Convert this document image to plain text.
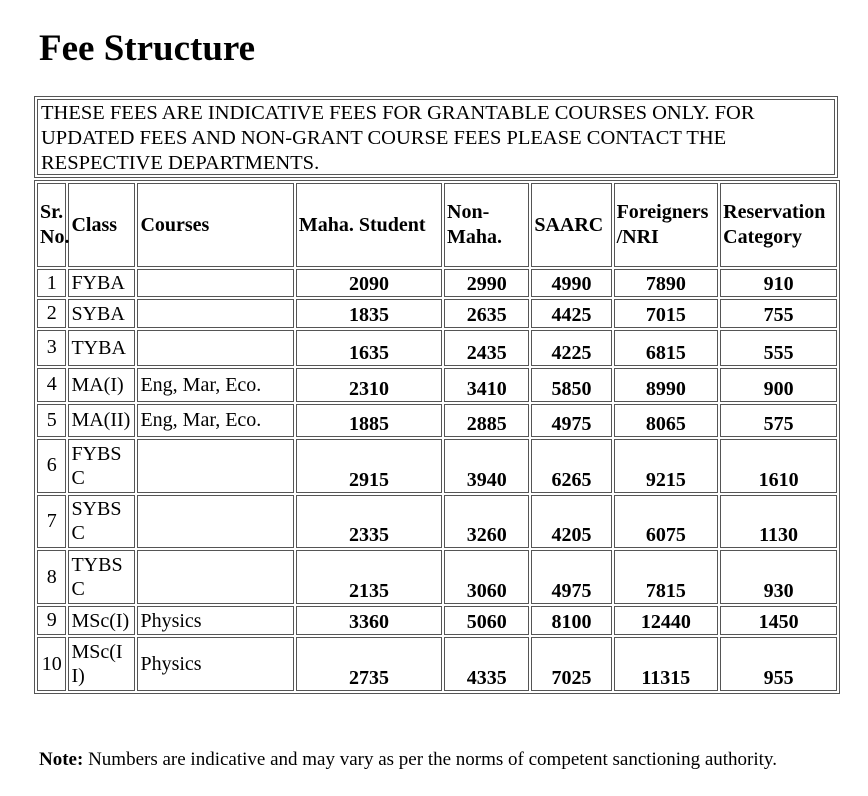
Fee Structure
THESE FEES ARE INDICATIVE FEES FOR GRANTABLE COURSES ONLY. FOR UPDATED FEES AND NON-GRANT COURSE FEES PLEASE CONTACT THE RESPECTIVE DEPARTMENTS.
Sr. No.	Class	Courses	Maha. Student	Non-Maha.	SAARC	Foreigners /NRI	Reservation Category
1	FYBA		2090	2990	4990	7890	910
2	SYBA		1835	2635	4425	7015	755
3	TYBA		1635	2435	4225	6815	555
4	MA(I)	Eng, Mar, Eco.	2310	3410	5850	8990	900
5	MA(II)	Eng, Mar, Eco.	1885	2885	4975	8065	575
6	FYBSC		2915	3940	6265	9215	1610
7	SYBSC		2335	3260	4205	6075	1130
8	TYBSC		2135	3060	4975	7815	930
9	MSc(I)	Physics	3360	5060	8100	12440	1450
10	MSc(II)	Physics	2735	4335	7025	11315	955

Note: Numbers are indicative and may vary as per the norms of competent sanctioning authority.
